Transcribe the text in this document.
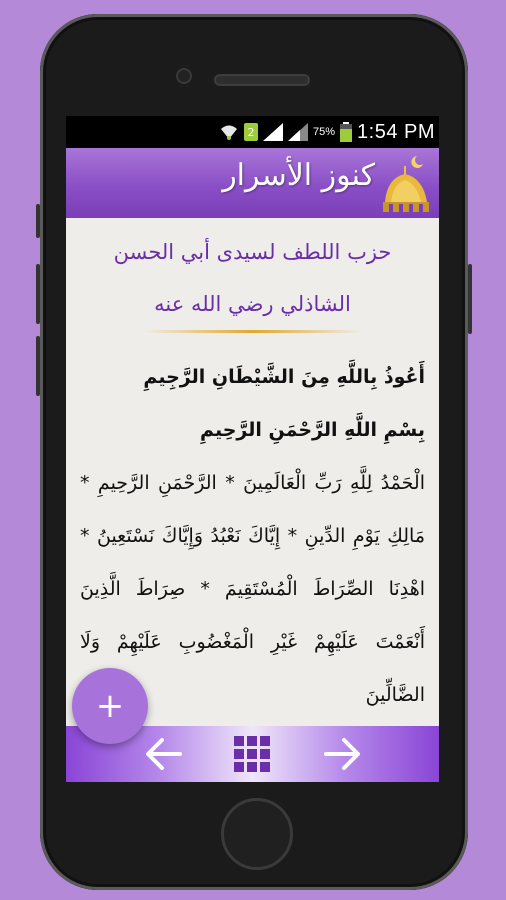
2	75% 1:54 PM
كنوز الأسرار
حزب اللطف لسيدى أبي الحسن الشاذلي رضي الله عنه

أَعُوذُ بِاللَّهِ مِنَ الشَّيْطَانِ الرَّجِيمِ
بِسْمِ اللَّهِ الرَّحْمَنِ الرَّحِيمِ
الْحَمْدُ لِلَّهِ رَبِّ الْعَالَمِينَ * الرَّحْمَنِ الرَّحِيمِ * مَالِكِ يَوْمِ الدِّينِ * إِيَّاكَ نَعْبُدُ وَإِيَّاكَ نَسْتَعِينُ * اهْدِنَا الصِّرَاطَ الْمُسْتَقِيمَ * صِرَاطَ الَّذِينَ أَنْعَمْتَ عَلَيْهِمْ غَيْرِ الْمَغْضُوبِ عَلَيْهِمْ وَلَا الضَّالِّينَ

+
